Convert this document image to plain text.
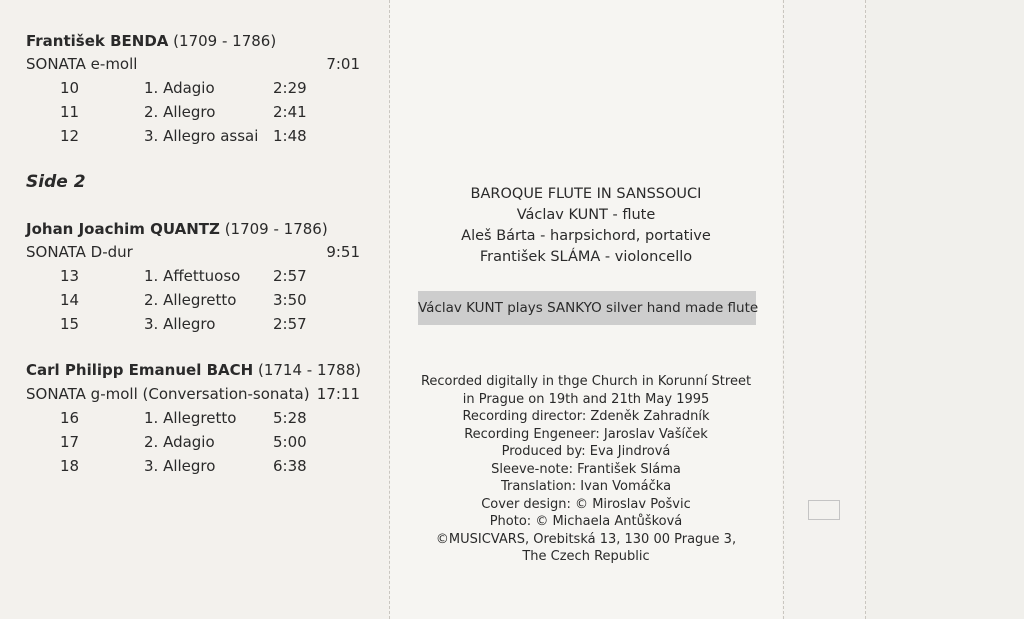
František BENDA (1709 - 1786)
SONATA e-moll	7:01
10	1. Adagio	2:29
11	2. Allegro	2:41
12	3. Allegro assai 1:48
Side 2
Johan Joachim QUANTZ (1709 - 1786)
SONATA D-dur	9:51
13	1. Affettuoso 2:57
14	2. Allegretto 3:50
15	3. Allegro	2:57
Carl Philipp Emanuel BACH (1714 - 1788)
SONATA g-moll (Conversation-sonata) 17:11
16	1. Allegretto 5:28
17	2. Adagio	5:00
18	3. Allegro	6:38
BAROQUE FLUTE IN SANSSOUCI
Václav KUNT - flute
Aleš Bárta - harpsichord, portative
František SLÁMA - violoncello
Václav KUNT plays SANKYO silver hand made flute
Recorded digitally in thge Church in Korunní Street
in Prague on 19th and 21th May 1995
Recording director: Zdeněk Zahradník
Recording Engeneer: Jaroslav Vašíček
Produced by: Eva Jindrová
Sleeve-note: František Sláma
Translation: Ivan Vomáčka
Cover design: © Miroslav Pošvic
Photo: © Michaela Antůšková
©MUSICVARS, Orebitská 13, 130 00 Prague 3,
The Czech Republic
